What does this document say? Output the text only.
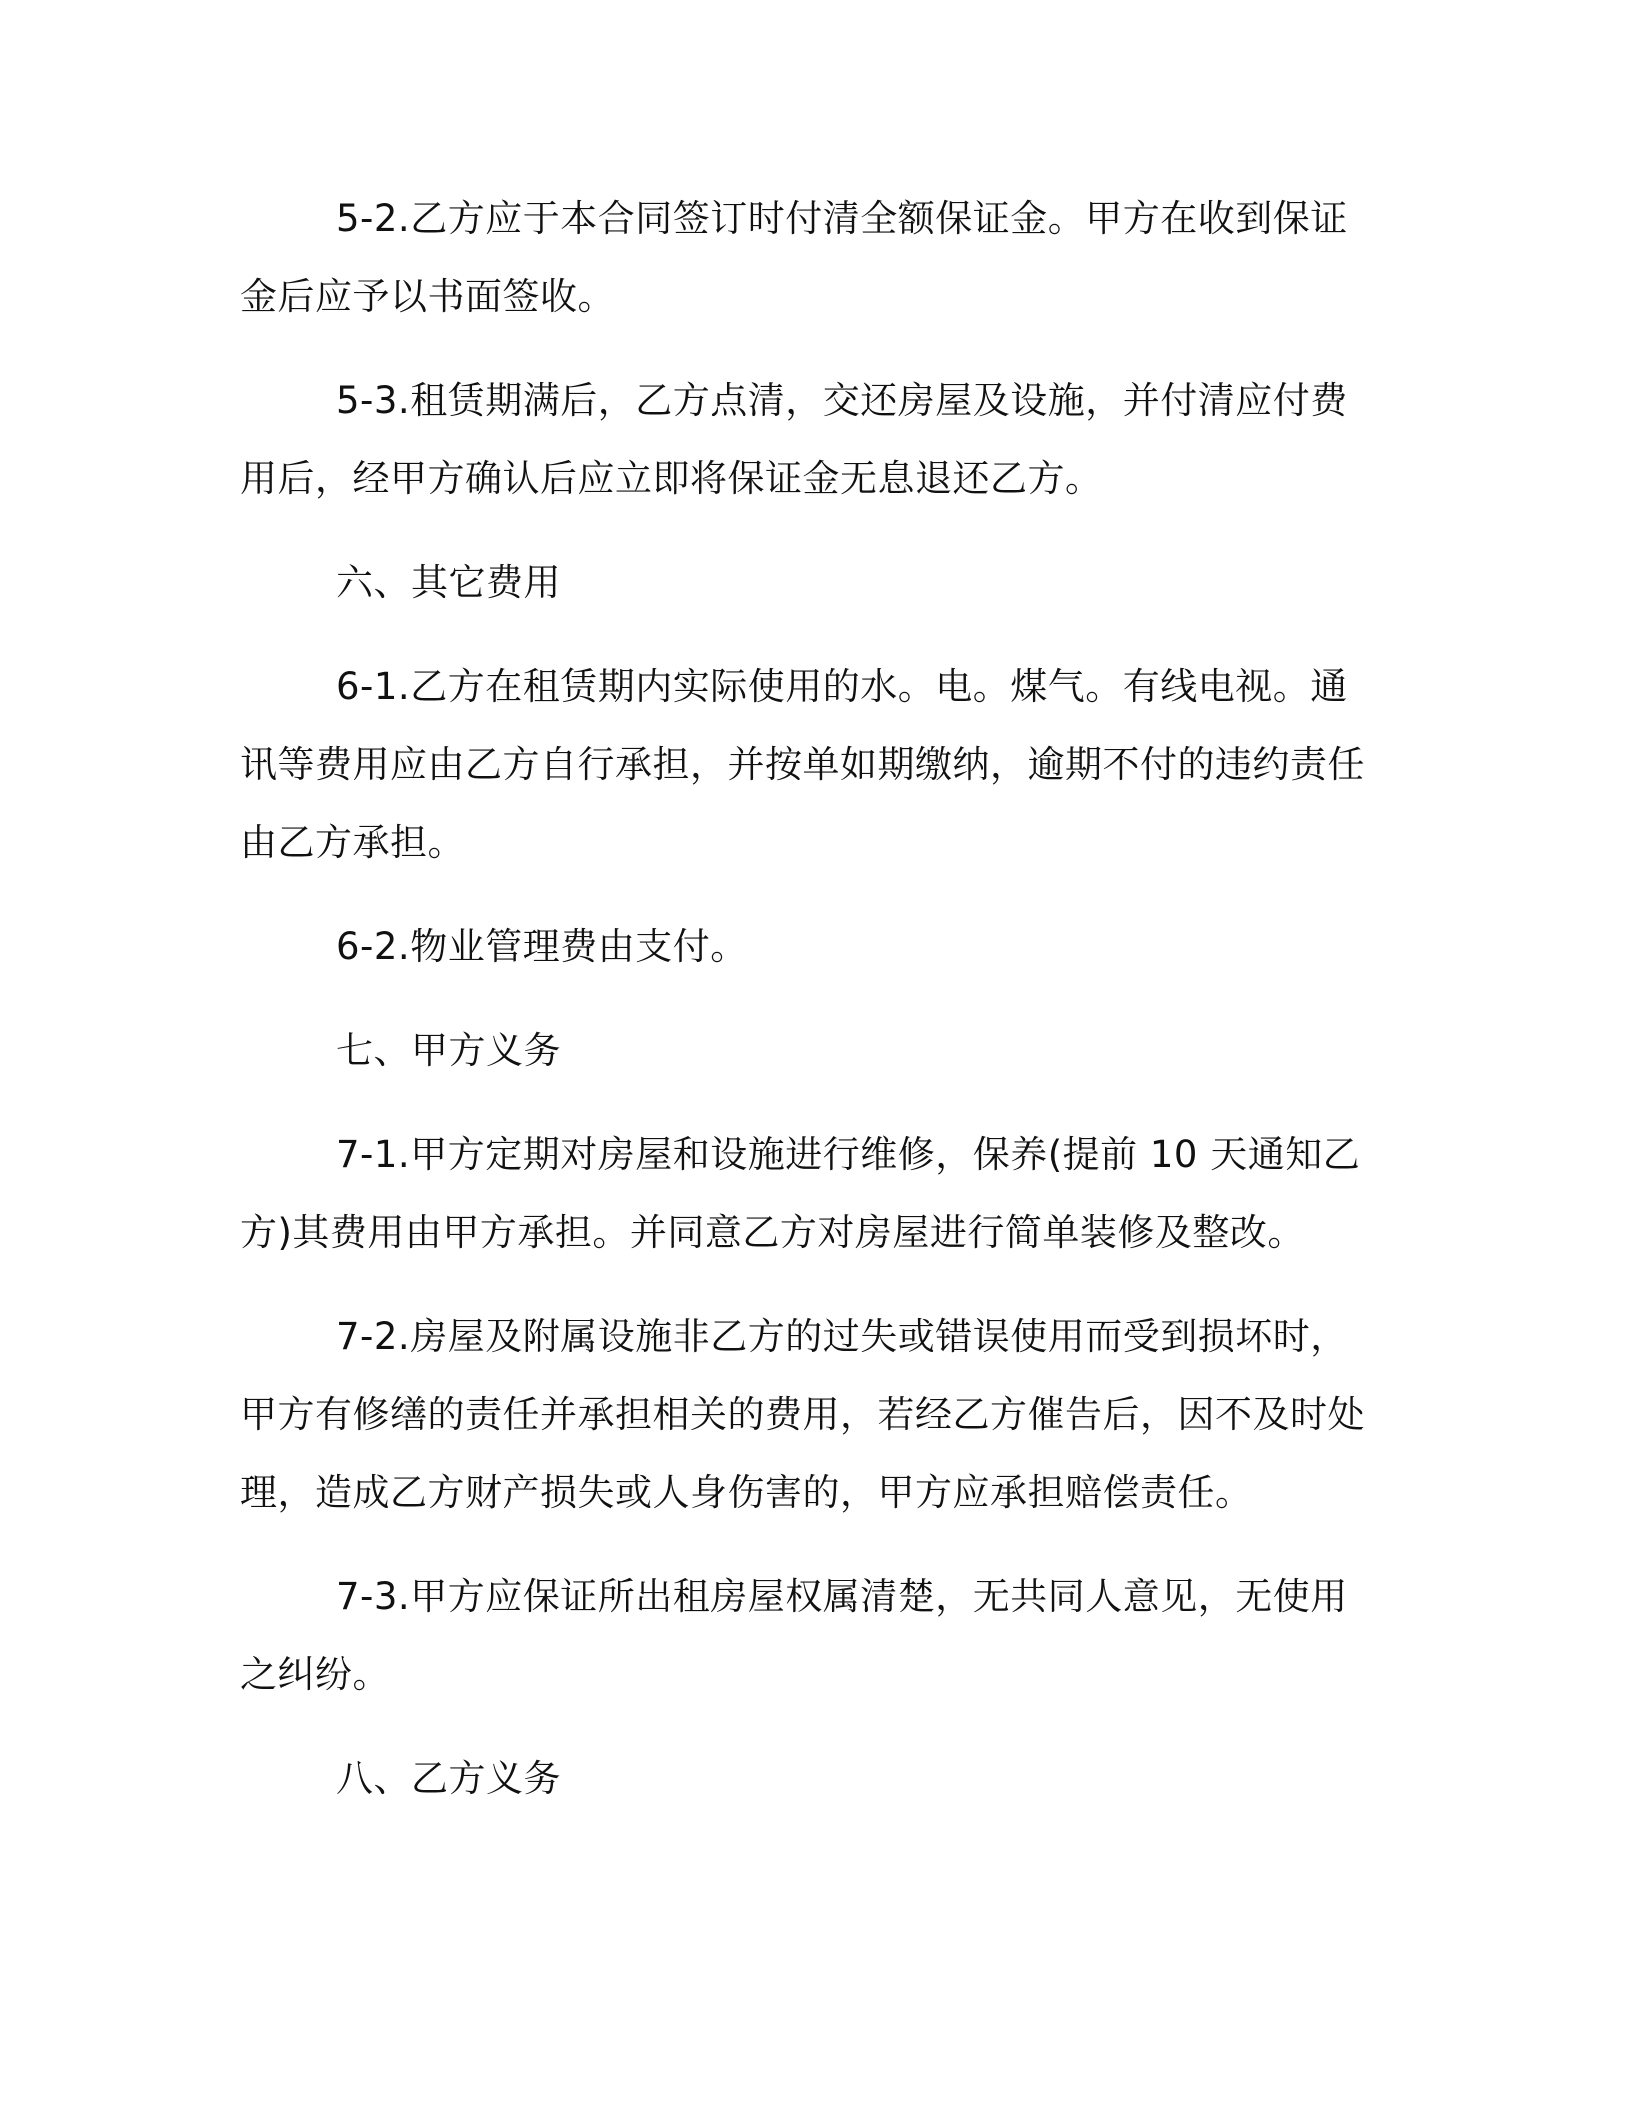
5-2.乙方应于本合同签订时付清全额保证金。甲方在收到保证金后应予以书面签收。

5-3.租赁期满后，乙方点清，交还房屋及设施，并付清应付费用后，经甲方确认后应立即将保证金无息退还乙方。

六、其它费用

6-1.乙方在租赁期内实际使用的水。电。煤气。有线电视。通讯等费用应由乙方自行承担，并按单如期缴纳，逾期不付的违约责任由乙方承担。

6-2.物业管理费由支付。

七、甲方义务

7-1.甲方定期对房屋和设施进行维修，保养(提前 10 天通知乙方)其费用由甲方承担。并同意乙方对房屋进行简单装修及整改。

7-2.房屋及附属设施非乙方的过失或错误使用而受到损坏时，甲方有修缮的责任并承担相关的费用，若经乙方催告后，因不及时处理，造成乙方财产损失或人身伤害的，甲方应承担赔偿责任。

7-3.甲方应保证所出租房屋权属清楚，无共同人意见，无使用之纠纷。

八、乙方义务
